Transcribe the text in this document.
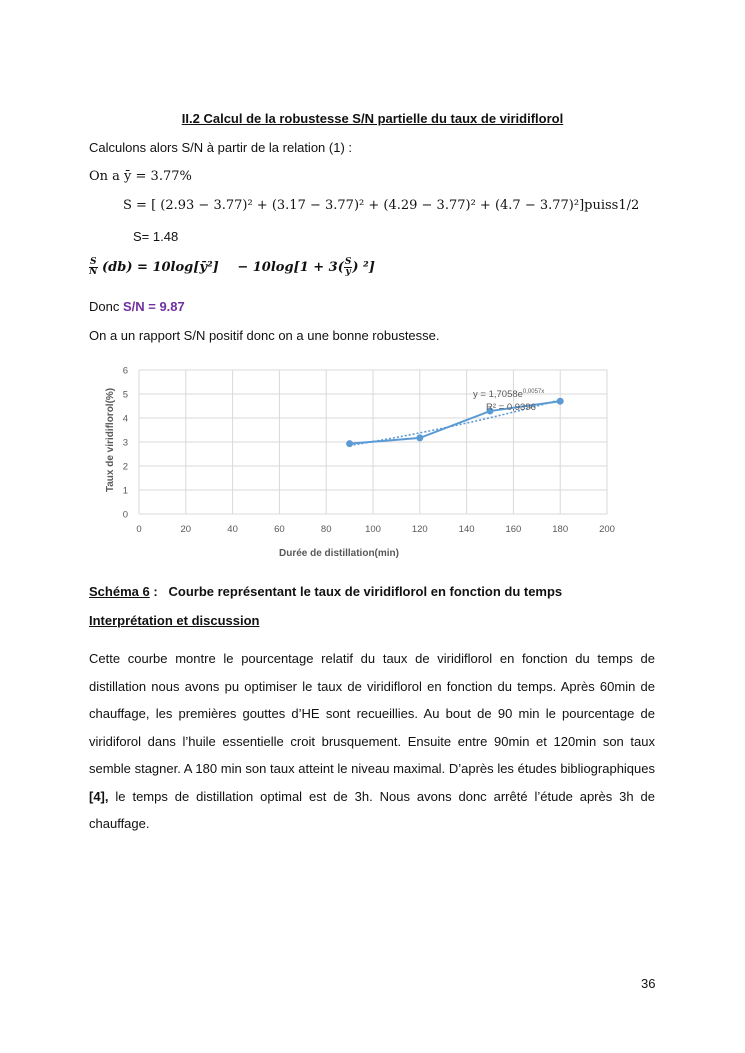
II.2 Calcul de la robustesse S/N partielle du taux de viridiflorol
Calculons alors S/N à partir de la relation (1) :
On a ȳ = 3.77%
S = [ (2.93 − 3.77)² + (3.17 − 3.77)² + (4.29 − 3.77)² + (4.7 − 3.77)²]puiss1/2
S= 1.48
$\frac{S}{N} (db)$ = 10log[ȳ²] − $10\log[1 + 3( \frac{S}{ȳ}$ ) ²]
Donc S/N = 9.87
On a un rapport S/N positif donc on a une bonne robustesse.
0	20	40	60	80	100	120	140	160	180	200
0
1
2
3
4
5
6
$y = 1,7058e^{0,0057x}$
R² = 0,9396
Taux de viridiflorol(%)
Durée de distillation(min)
Schéma 6 : Courbe représentant le taux de viridiflorol en fonction du temps
Interprétation et discussion

Cette courbe montre le pourcentage relatif du taux de viridiflorol en fonction du temps de distillation nous avons pu optimiser le taux de viridiflorol en fonction du temps. Après 60min de chauffage, les premières gouttes d’HE sont recueillies. Au bout de 90 min le pourcentage de viridiforol dans l’huile essentielle croit brusquement. Ensuite entre 90min et 120min son taux semble stagner. A 180 min son taux atteint le niveau maximal. D’après les études bibliographiques [4], le temps de distillation optimal est de 3h. Nous avons donc arrêté l’étude après 3h de chauffage.

36
